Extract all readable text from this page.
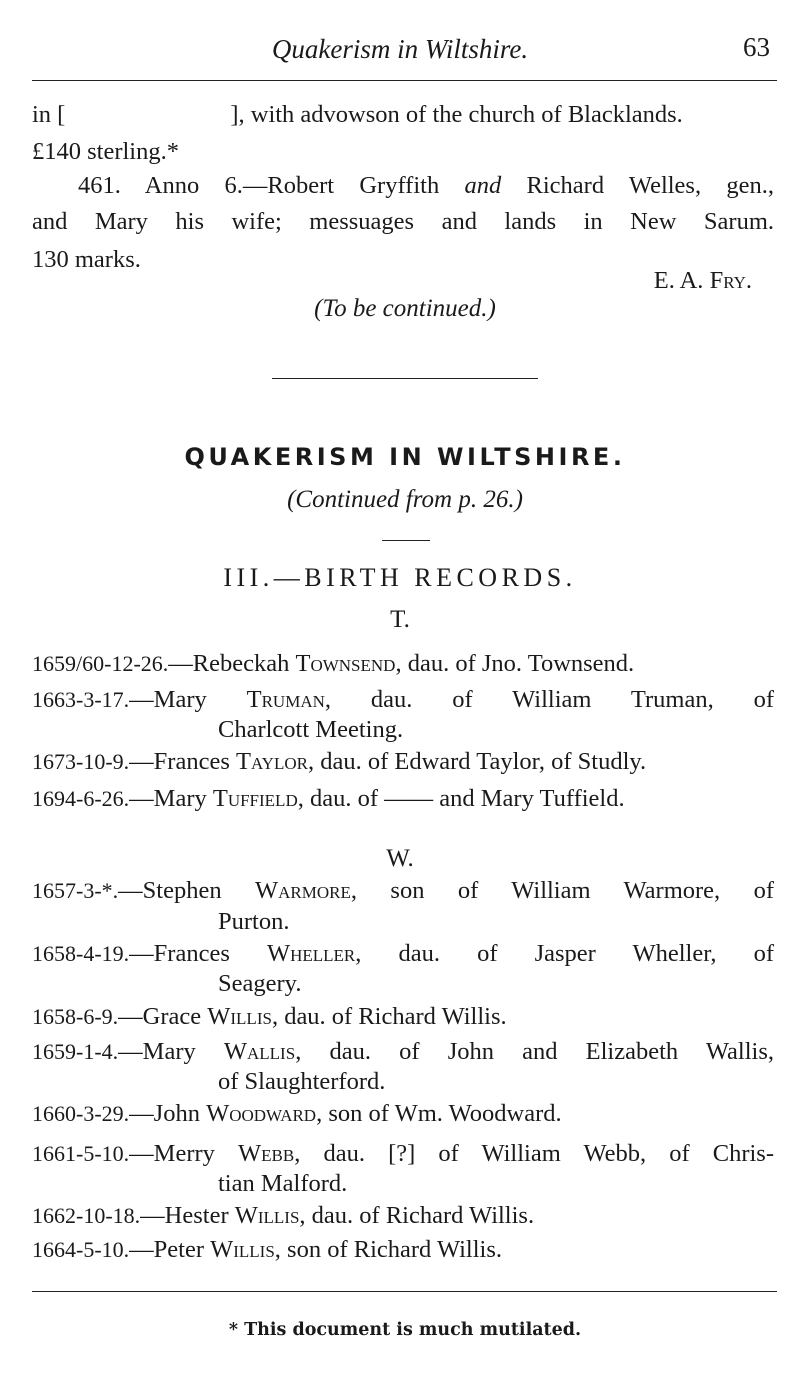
Quakerism in Wiltshire.	63
in [	], with advowson of the church of Blacklands.
£140 sterling.*
461. Anno 6.—Robert Gryffith and Richard Welles, gen.,
and Mary his wife; messuages and lands in New Sarum.
130 marks.
E. A. Fry.
(To be continued.)
QUAKERISM IN WILTSHIRE.
(Continued from p. 26.)
III.—BIRTH RECORDS.
T.
1659/60-12-26.—Rebeckah Townsend, dau. of Jno. Townsend.
1663-3-17.—Mary Truman, dau. of William Truman, of
Charlcott Meeting.
1673-10-9.—Frances Taylor, dau. of Edward Taylor, of Studly.
1694-6-26.—Mary Tuffield, dau. of —— and Mary Tuffield.
W.
1657-3-*.—Stephen Warmore, son of William Warmore, of
Purton.
1658-4-19.—Frances Wheller, dau. of Jasper Wheller, of
Seagery.
1658-6-9.—Grace Willis, dau. of Richard Willis.
1659-1-4.—Mary Wallis, dau. of John and Elizabeth Wallis,
of Slaughterford.
1660-3-29.—John Woodward, son of Wm. Woodward.
1661-5-10.—Merry Webb, dau. [?] of William Webb, of Chris-
tian Malford.
1662-10-18.—Hester Willis, dau. of Richard Willis.
1664-5-10.—Peter Willis, son of Richard Willis.
* This document is much mutilated.
